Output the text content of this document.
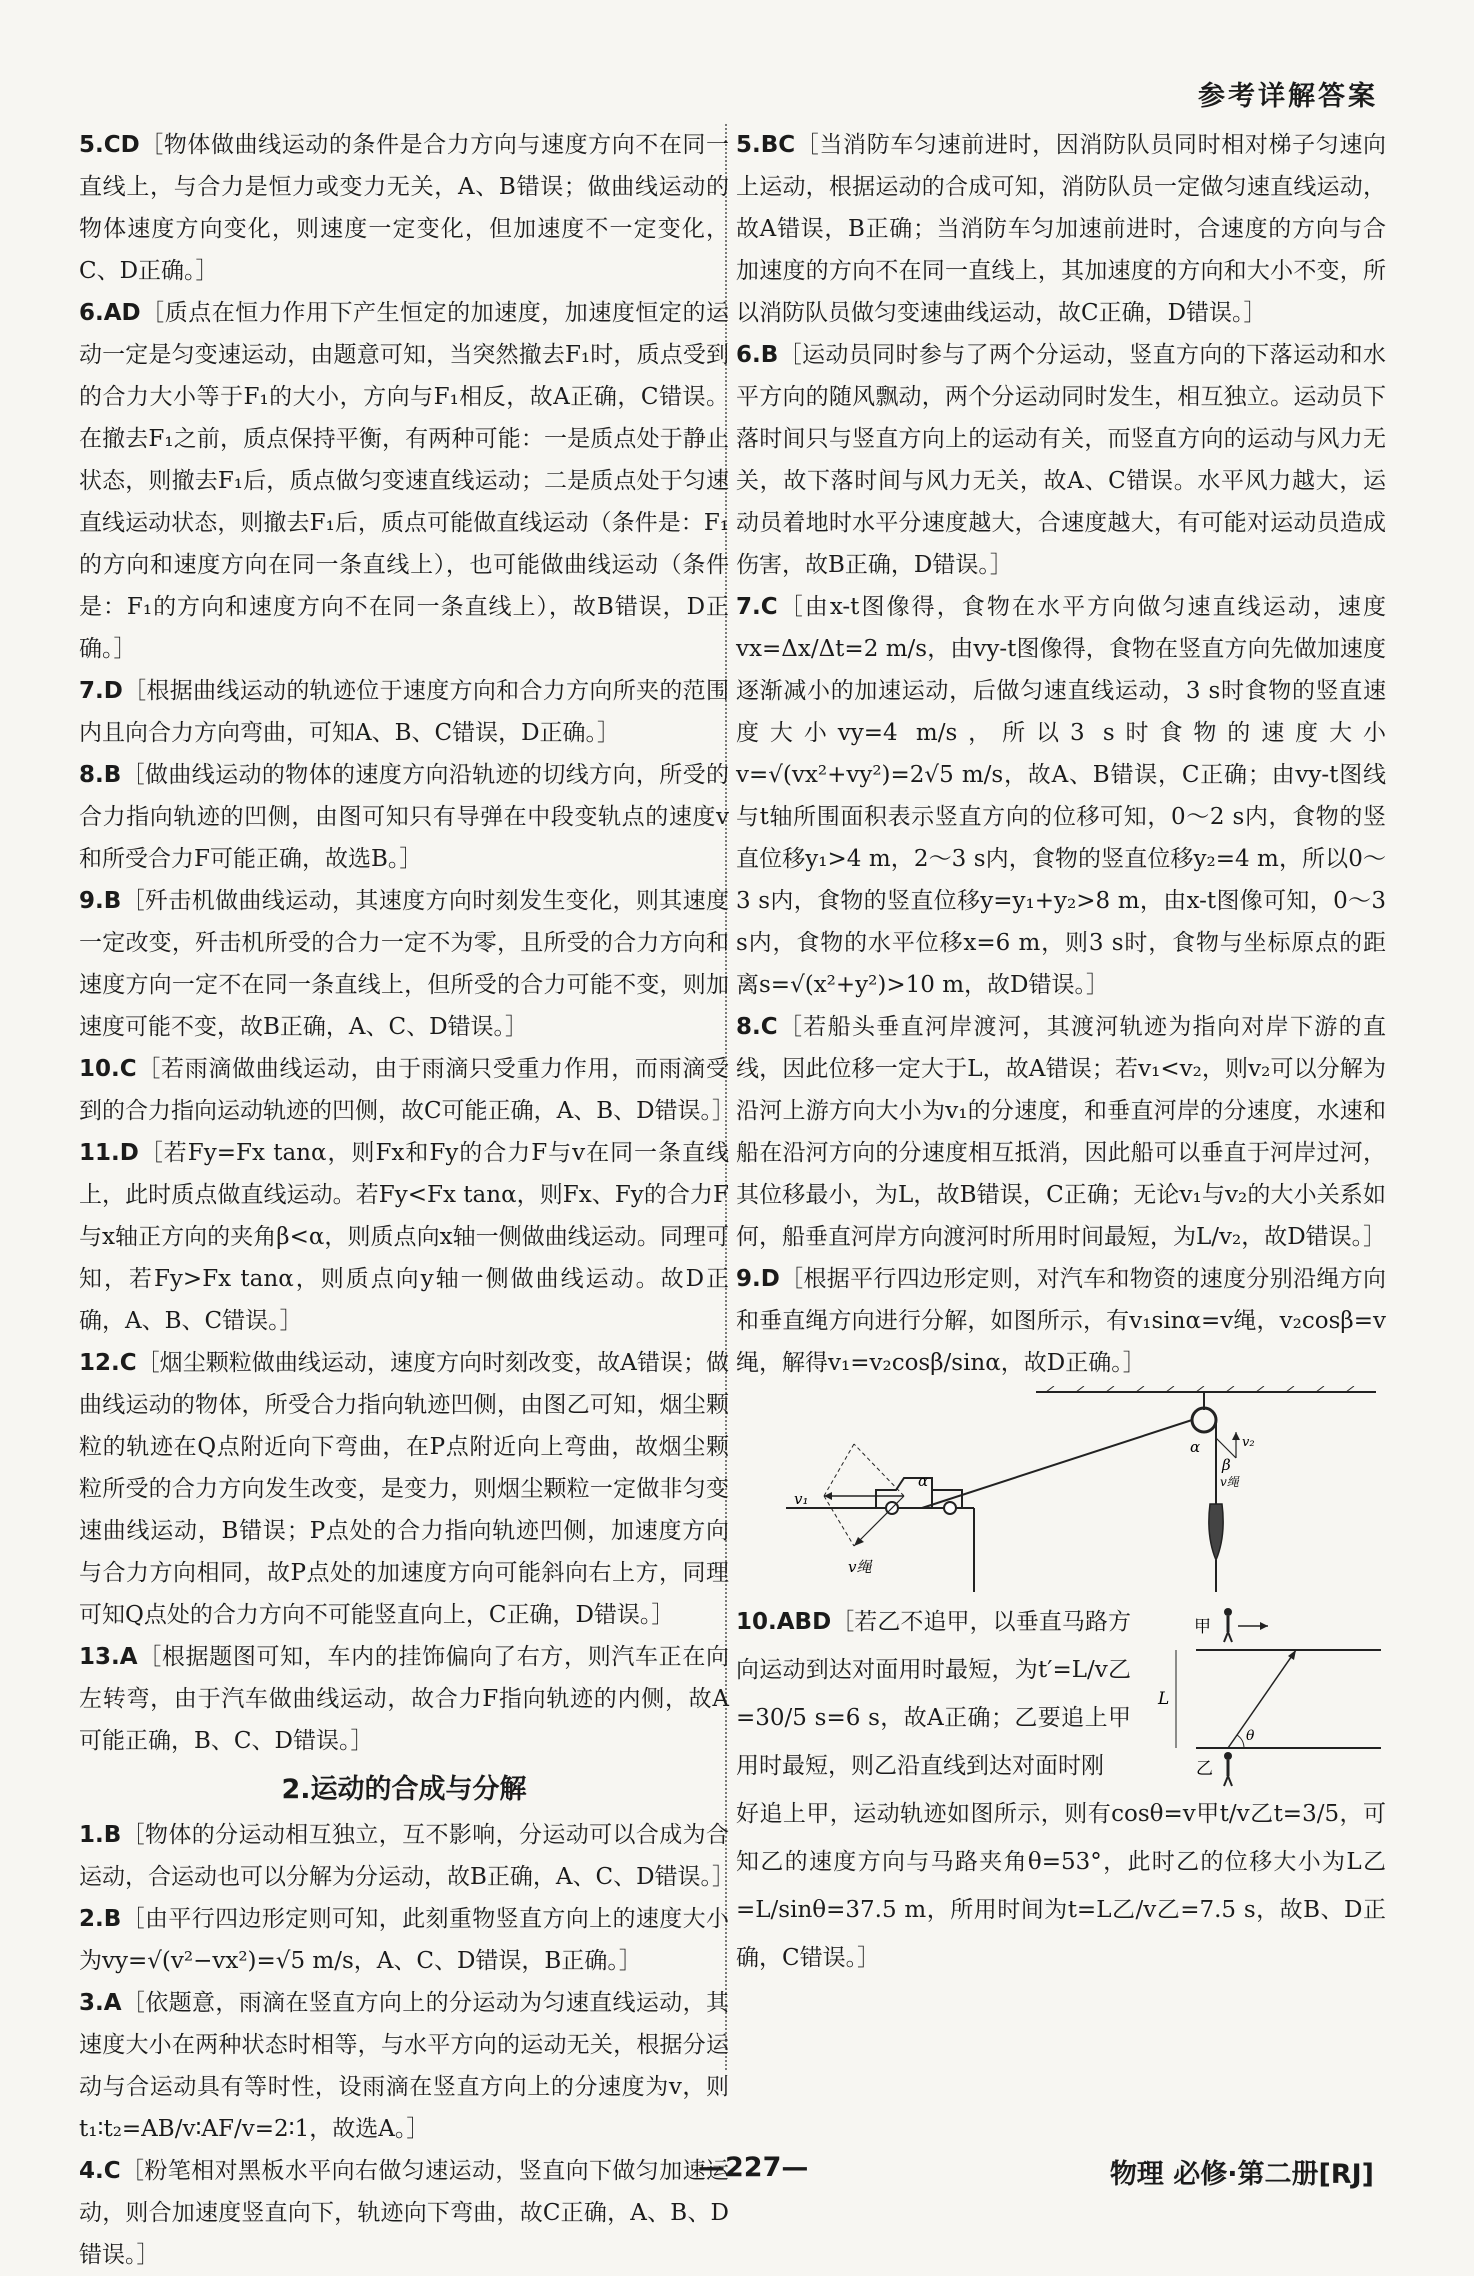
参考详解答案

5.CD［物体做曲线运动的条件是合力方向与速度方向不在同一直线上，与合力是恒力或变力无关，A、B错误；做曲线运动的物体速度方向变化，则速度一定变化，但加速度不一定变化，C、D正确。］

6.AD［质点在恒力作用下产生恒定的加速度，加速度恒定的运动一定是匀变速运动，由题意可知，当突然撤去F₁时，质点受到的合力大小等于F₁的大小，方向与F₁相反，故A正确，C错误。在撤去F₁之前，质点保持平衡，有两种可能：一是质点处于静止状态，则撤去F₁后，质点做匀变速直线运动；二是质点处于匀速直线运动状态，则撤去F₁后，质点可能做直线运动（条件是：F₁的方向和速度方向在同一条直线上），也可能做曲线运动（条件是：F₁的方向和速度方向不在同一条直线上），故B错误，D正确。］

7.D［根据曲线运动的轨迹位于速度方向和合力方向所夹的范围内且向合力方向弯曲，可知A、B、C错误，D正确。］

8.B［做曲线运动的物体的速度方向沿轨迹的切线方向，所受的合力指向轨迹的凹侧，由图可知只有导弹在中段变轨点的速度v和所受合力F可能正确，故选B。］

9.B［歼击机做曲线运动，其速度方向时刻发生变化，则其速度一定改变，歼击机所受的合力一定不为零，且所受的合力方向和速度方向一定不在同一条直线上，但所受的合力可能不变，则加速度可能不变，故B正确，A、C、D错误。］

10.C［若雨滴做曲线运动，由于雨滴只受重力作用，而雨滴受到的合力指向运动轨迹的凹侧，故C可能正确，A、B、D错误。］

11.D［若Fy=Fx tanα，则Fx和Fy的合力F与v在同一条直线上，此时质点做直线运动。若Fy<Fx tanα，则Fx、Fy的合力F与x轴正方向的夹角β<α，则质点向x轴一侧做曲线运动。同理可知，若Fy>Fx tanα，则质点向y轴一侧做曲线运动。故D正确，A、B、C错误。］

12.C［烟尘颗粒做曲线运动，速度方向时刻改变，故A错误；做曲线运动的物体，所受合力指向轨迹凹侧，由图乙可知，烟尘颗粒的轨迹在Q点附近向下弯曲，在P点附近向上弯曲，故烟尘颗粒所受的合力方向发生改变，是变力，则烟尘颗粒一定做非匀变速曲线运动，B错误；P点处的合力指向轨迹凹侧，加速度方向与合力方向相同，故P点处的加速度方向可能斜向右上方，同理可知Q点处的合力方向不可能竖直向上，C正确，D错误。］

13.A［根据题图可知，车内的挂饰偏向了右方，则汽车正在向左转弯，由于汽车做曲线运动，故合力F指向轨迹的内侧，故A可能正确，B、C、D错误。］

2.运动的合成与分解

1.B［物体的分运动相互独立，互不影响，分运动可以合成为合运动，合运动也可以分解为分运动，故B正确，A、C、D错误。］

2.B［由平行四边形定则可知，此刻重物竖直方向上的速度大小为vy=√(v²−vx²)=√5 m/s，A、C、D错误，B正确。］

3.A［依题意，雨滴在竖直方向上的分运动为匀速直线运动，其速度大小在两种状态时相等，与水平方向的运动无关，根据分运动与合运动具有等时性，设雨滴在竖直方向上的分速度为v，则t₁∶t₂=AB/v∶AF/v=2∶1，故选A。］

4.C［粉笔相对黑板水平向右做匀速运动，竖直向下做匀加速运动，则合加速度竖直向下，轨迹向下弯曲，故C正确，A、B、D错误。］

5.BC［当消防车匀速前进时，因消防队员同时相对梯子匀速向上运动，根据运动的合成可知，消防队员一定做匀速直线运动，故A错误，B正确；当消防车匀加速前进时，合速度的方向与合加速度的方向不在同一直线上，其加速度的方向和大小不变，所以消防队员做匀变速曲线运动，故C正确，D错误。］

6.B［运动员同时参与了两个分运动，竖直方向的下落运动和水平方向的随风飘动，两个分运动同时发生，相互独立。运动员下落时间只与竖直方向上的运动有关，而竖直方向的运动与风力无关，故下落时间与风力无关，故A、C错误。水平风力越大，运动员着地时水平分速度越大，合速度越大，有可能对运动员造成伤害，故B正确，D错误。］

7.C［由x-t图像得，食物在水平方向做匀速直线运动，速度vx=Δx/Δt=2 m/s，由vy-t图像得，食物在竖直方向先做加速度逐渐减小的加速运动，后做匀速直线运动，3 s时食物的竖直速度大小vy=4 m/s，所以3 s时食物的速度大小v=√(vx²+vy²)=2√5 m/s，故A、B错误，C正确；由vy-t图线与t轴所围面积表示竖直方向的位移可知，0～2 s内，食物的竖直位移y₁>4 m，2～3 s内，食物的竖直位移y₂=4 m，所以0～3 s内，食物的竖直位移y=y₁+y₂>8 m，由x-t图像可知，0～3 s内，食物的水平位移x=6 m，则3 s时，食物与坐标原点的距离s=√(x²+y²)>10 m，故D错误。］

8.C［若船头垂直河岸渡河，其渡河轨迹为指向对岸下游的直线，因此位移一定大于L，故A错误；若v₁<v₂，则v₂可以分解为沿河上游方向大小为v₁的分速度，和垂直河岸的分速度，水速和船在沿河方向的分速度相互抵消，因此船可以垂直于河岸过河，其位移最小，为L，故B错误，C正确；无论v₁与v₂的大小关系如何，船垂直河岸方向渡河时所用时间最短，为L/v₂，故D错误。］

9.D［根据平行四边形定则，对汽车和物资的速度分别沿绳方向和垂直绳方向进行分解，如图所示，有v₁sinα=v绳，v₂cosβ=v绳，解得v₁=v₂cosβ/sinα，故D正确。］

v₁
v绳
α
α
β
v₂
v绳

10.ABD［若乙不追甲，以垂直马路方向运动到达对面用时最短，为t′=L/v乙=30/5 s=6 s，故A正确；乙要追上甲用时最短，则乙沿直线到达对面时刚

甲
乙
θ
L

好追上甲，运动轨迹如图所示，则有cosθ=v甲t/v乙t=3/5，可知乙的速度方向与马路夹角θ=53°，此时乙的位移大小为L乙=L/sinθ=37.5 m，所用时间为t=L乙/v乙=7.5 s，故B、D正确，C错误。］

—227—	物理 必修·第二册[RJ]
